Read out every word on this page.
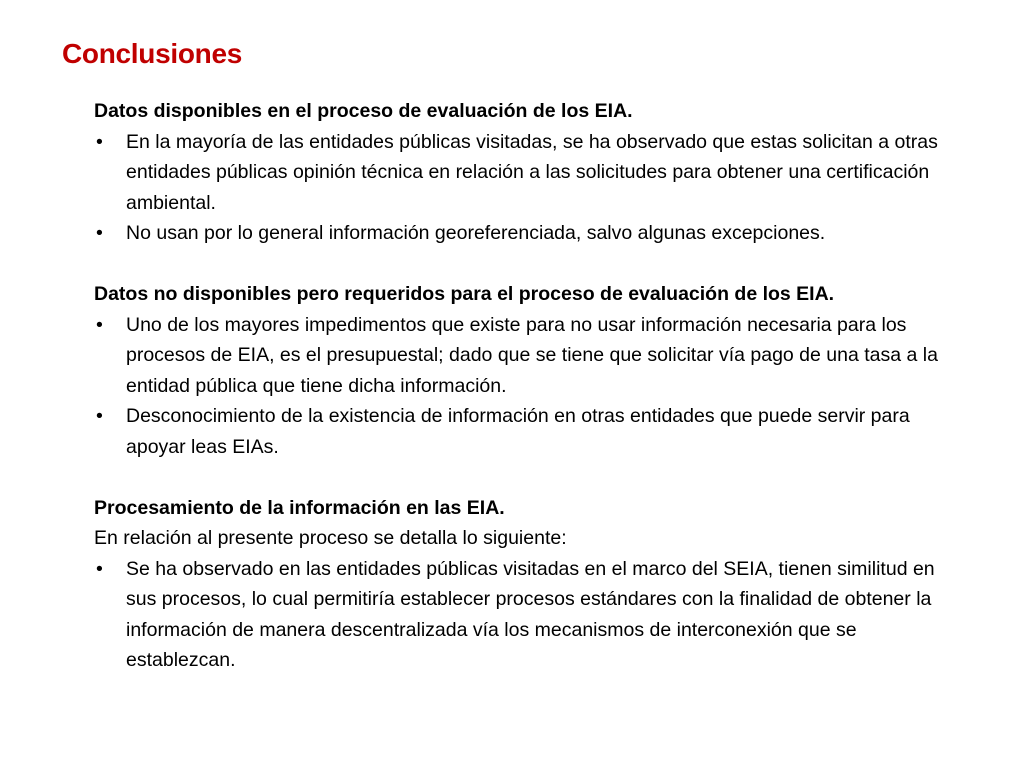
Conclusiones

Datos disponibles en el proceso de evaluación de los EIA.

• En la mayoría de las entidades públicas visitadas, se ha observado que estas solicitan a otras entidades públicas opinión técnica en relación a las solicitudes para obtener una certificación ambiental.
• No usan por lo general información georeferenciada, salvo algunas excepciones.

Datos no disponibles pero requeridos para el proceso de evaluación de los EIA.

• Uno de los mayores impedimentos que existe para no usar información necesaria para los procesos de EIA, es el presupuestal; dado que se tiene que solicitar vía pago de una tasa a la entidad pública que tiene dicha información.
• Desconocimiento de la existencia de información en otras entidades que puede servir para apoyar leas EIAs.

Procesamiento de la información en las EIA.

En relación al presente proceso se detalla lo siguiente:

• Se ha observado en las entidades públicas visitadas en el marco del SEIA, tienen similitud en sus procesos, lo cual permitiría establecer procesos estándares con la finalidad de obtener la información de manera descentralizada vía los mecanismos de interconexión que se establezcan.
